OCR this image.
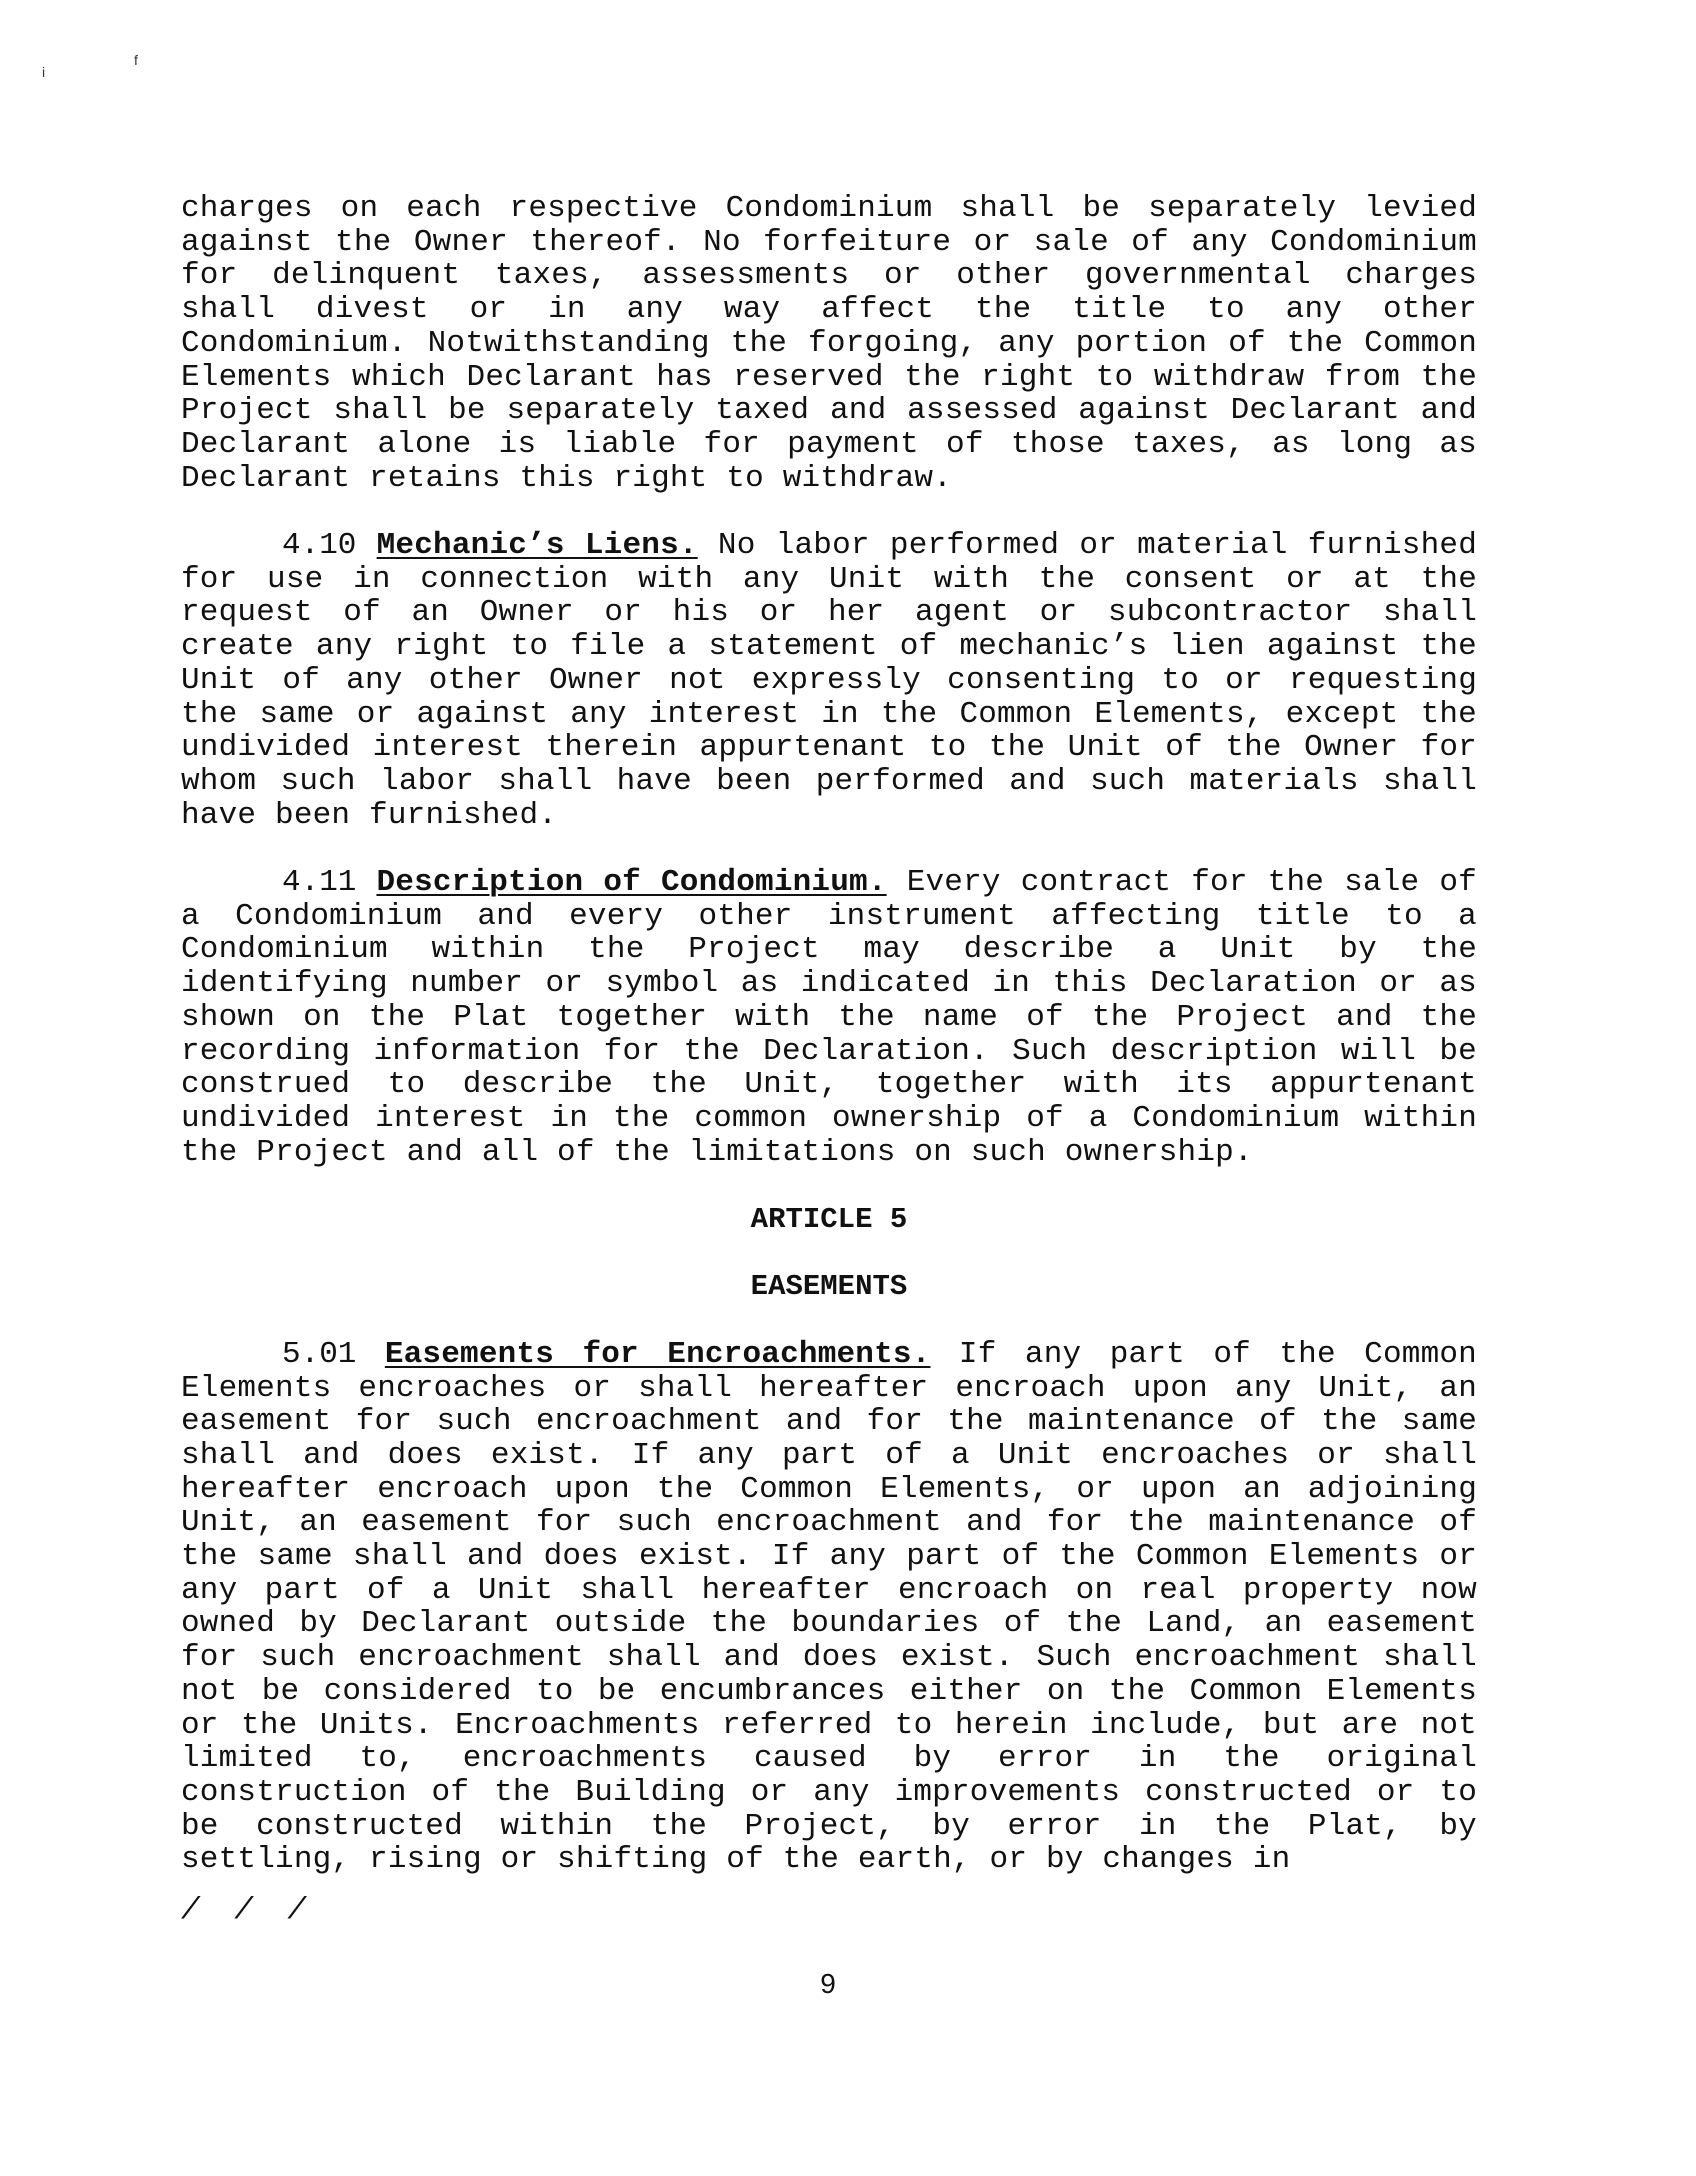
i
f

charges on each respective Condominium shall be separately levied against the Owner thereof. No forfeiture or sale of any Condominium for delinquent taxes, assessments or other governmental charges shall divest or in any way affect the title to any other Condominium. Notwithstanding the forgoing, any portion of the Common Elements which Declarant has reserved the right to withdraw from the Project shall be separately taxed and assessed against Declarant and Declarant alone is liable for payment of those taxes, as long as Declarant retains this right to withdraw.

4.10 Mechanic’s Liens. No labor performed or material furnished for use in connection with any Unit with the consent or at the request of an Owner or his or her agent or subcontractor shall create any right to file a statement of mechanic’s lien against the Unit of any other Owner not expressly consenting to or requesting the same or against any interest in the Common Elements, except the undivided interest therein appurtenant to the Unit of the Owner for whom such labor shall have been performed and such materials shall have been furnished.

4.11 Description of Condominium. Every contract for the sale of a Condominium and every other instrument affecting title to a Condominium within the Project may describe a Unit by the identifying number or symbol as indicated in this Declaration or as shown on the Plat together with the name of the Project and the recording information for the Declaration. Such description will be construed to describe the Unit, together with its appurtenant undivided interest in the common ownership of a Condominium within the Project and all of the limitations on such ownership.

ARTICLE 5
EASEMENTS

5.01 Easements for Encroachments. If any part of the Common Elements encroaches or shall hereafter encroach upon any Unit, an easement for such encroachment and for the maintenance of the same shall and does exist. If any part of a Unit encroaches or shall hereafter encroach upon the Common Elements, or upon an adjoining Unit, an easement for such encroachment and for the maintenance of the same shall and does exist. If any part of the Common Elements or any part of a Unit shall hereafter encroach on real property now owned by Declarant outside the boundaries of the Land, an easement for such encroachment shall and does exist. Such encroachment shall not be considered to be encumbrances either on the Common Elements or the Units. Encroachments referred to herein include, but are not limited to, encroachments caused by error in the original construction of the Building or any improvements constructed or to be constructed within the Project, by error in the Plat, by settling, rising or shifting of the earth, or by changes in

/ / /
9
